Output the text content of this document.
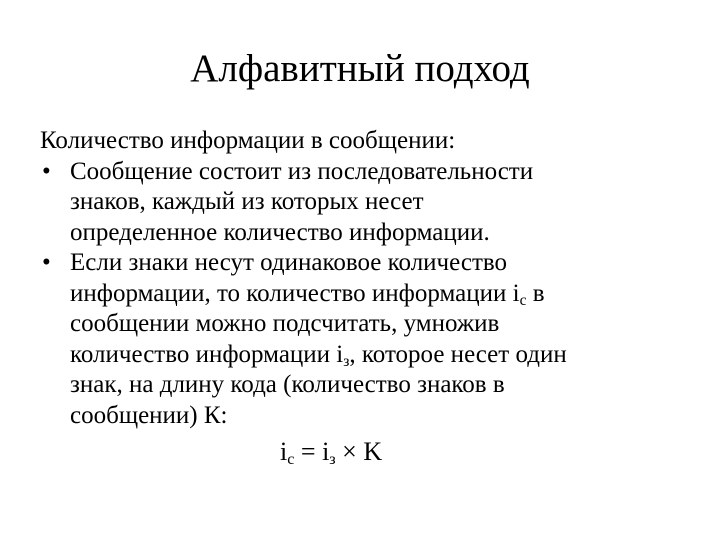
Алфавитный подход

Количество информации в сообщении:

• Сообщение состоит из последовательности
знаков, каждый из которых несет
определенное количество информации.
• Если знаки несут одинаковое количество
информации, то количество информации $i_с$ в
сообщении можно подсчитать, умножив
количество информации $i_з$, которое несет один
знак, на длину кода (количество знаков в
сообщении) К:
$i_с = i_з \times K$
